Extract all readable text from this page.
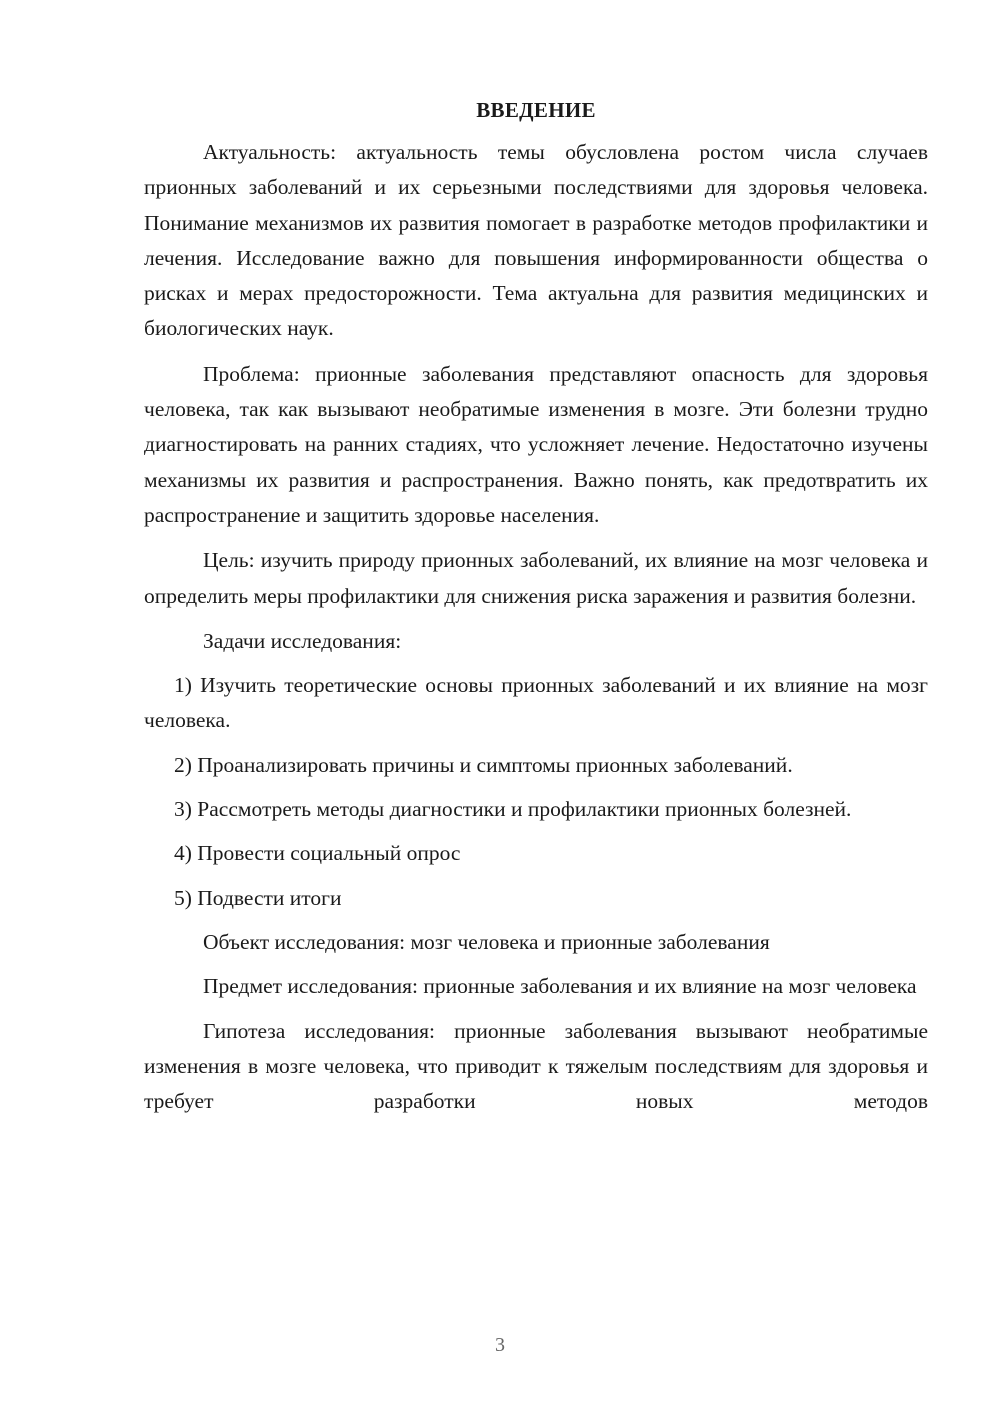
ВВЕДЕНИЕ

Актуальность: актуальность темы обусловлена ростом числа случаев прионных заболеваний и их серьезными последствиями для здоровья человека. Понимание механизмов их развития помогает в разработке методов профилактики и лечения. Исследование важно для повышения информированности общества о рисках и мерах предосторожности. Тема актуальна для развития медицинских и биологических наук.

Проблема: прионные заболевания представляют опасность для здоровья человека, так как вызывают необратимые изменения в мозге. Эти болезни трудно диагностировать на ранних стадиях, что усложняет лечение. Недостаточно изучены механизмы их развития и распространения. Важно понять, как предотвратить их распространение и защитить здоровье населения.

Цель: изучить природу прионных заболеваний, их влияние на мозг человека и определить меры профилактики для снижения риска заражения и развития болезни.

Задачи исследования:

1) Изучить теоретические основы прионных заболеваний и их влияние на мозг человека.

2) Проанализировать причины и симптомы прионных заболеваний.

3) Рассмотреть методы диагностики и профилактики прионных болезней.

4) Провести социальный опрос

5) Подвести итоги

Объект исследования: мозг человека и прионные заболевания

Предмет исследования: прионные заболевания и их влияние на мозг человека

Гипотеза исследования: прионные заболевания вызывают необратимые изменения в мозге человека, что приводит к тяжелым последствиям для здоровья и требует разработки новых методов

3
